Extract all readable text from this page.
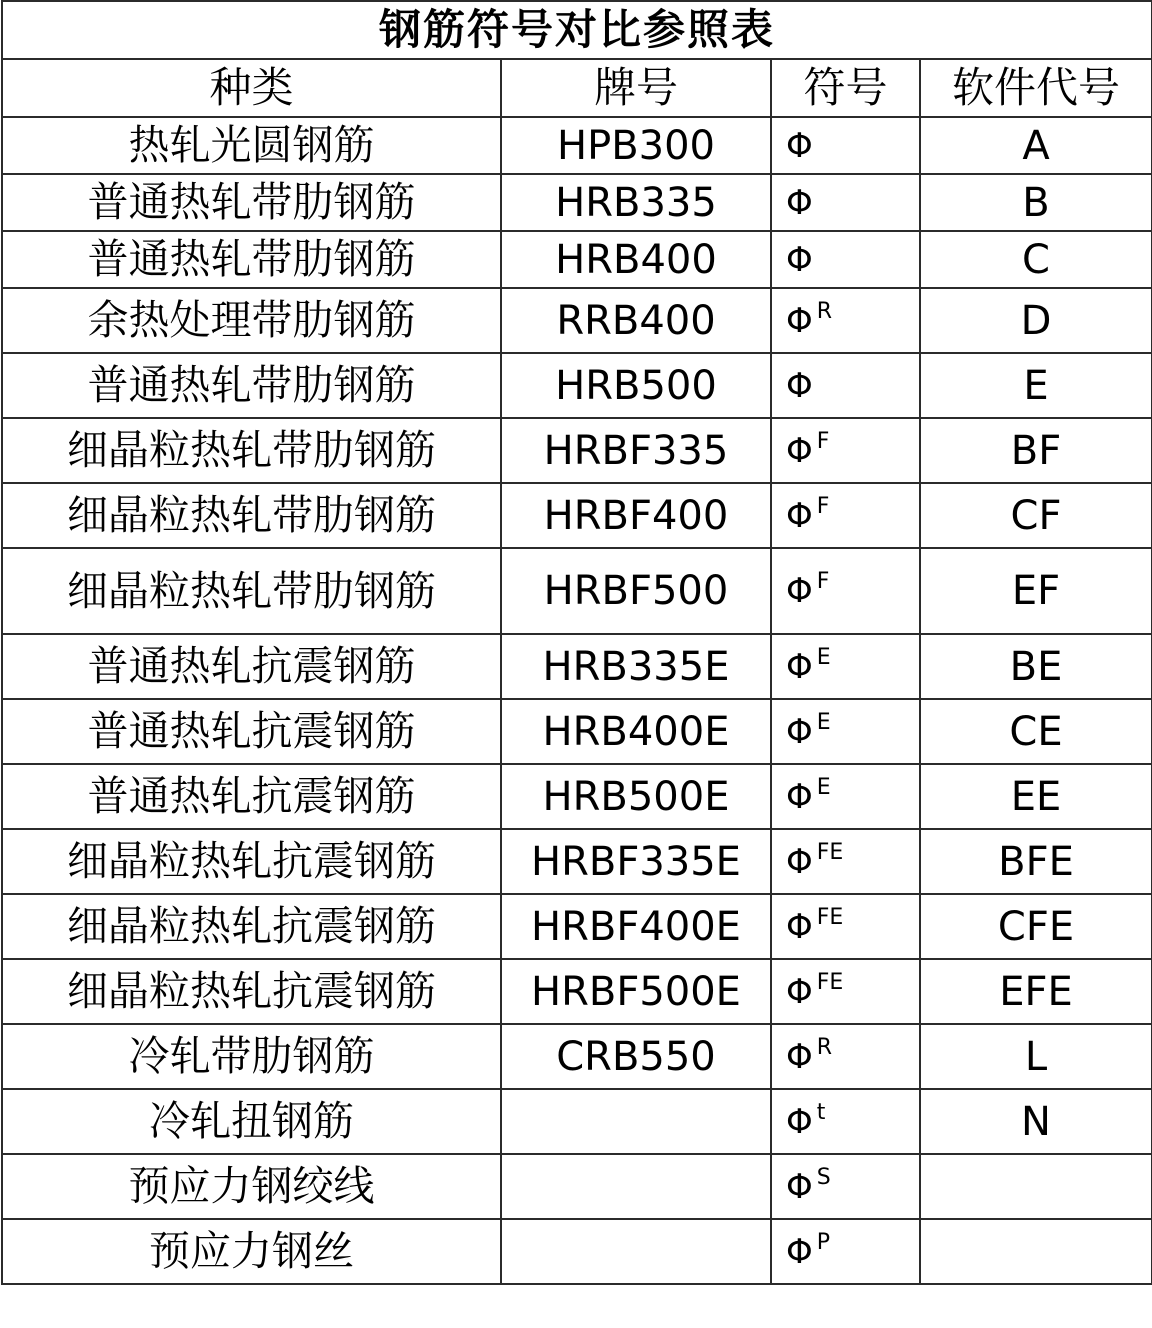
钢筋符号对比参照表			
种类	牌号	符号	软件代号
热轧光圆钢筋	HPB300	Φ	A
普通热轧带肋钢筋	HRB335	Φ	B
普通热轧带肋钢筋	HRB400	Φ	C
余热处理带肋钢筋	RRB400	Φ $^R$	D
普通热轧带肋钢筋	HRB500	Φ	E
细晶粒热轧带肋钢筋	HRBF335	Φ $^F$	BF
细晶粒热轧带肋钢筋	HRBF400	Φ $^F$	CF
细晶粒热轧带肋钢筋	HRBF500	Φ $^F$	EF
普通热轧抗震钢筋	HRB335E	Φ $^E$	BE
普通热轧抗震钢筋	HRB400E	Φ $^E$	CE
普通热轧抗震钢筋	HRB500E	Φ $^E$	EE
细晶粒热轧抗震钢筋	HRBF335E	Φ $^{FE}$	BFE
细晶粒热轧抗震钢筋	HRBF400E	Φ $^{FE}$	CFE
细晶粒热轧抗震钢筋	HRBF500E	Φ $^{FE}$	EFE
冷轧带肋钢筋	CRB550	Φ $^R$	L
冷轧扭钢筋		Φ $^t$	N
预应力钢绞线		Φ $^S$	
预应力钢丝		Φ $^P$	
